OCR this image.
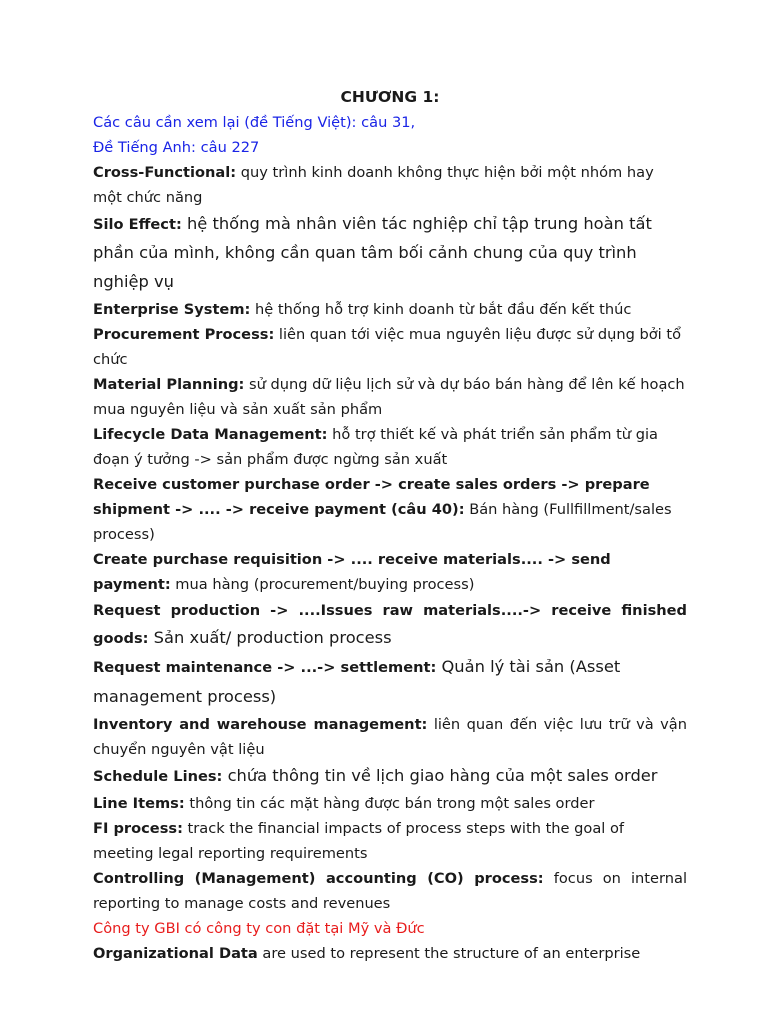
CHƯƠNG 1:

Các câu cần xem lại (đề Tiếng Việt): câu 31,

Đề Tiếng Anh: câu 227

Cross-Functional: quy trình kinh doanh không thực hiện bởi một nhóm hay một chức năng

Silo Effect: hệ thống mà nhân viên tác nghiệp chỉ tập trung hoàn tất phần của mình, không cần quan tâm bối cảnh chung của quy trình nghiệp vụ

Enterprise System: hệ thống hỗ trợ kinh doanh từ bắt đầu đến kết thúc

Procurement Process: liên quan tới việc mua nguyên liệu được sử dụng bởi tổ chức

Material Planning: sử dụng dữ liệu lịch sử và dự báo bán hàng để lên kế hoạch mua nguyên liệu và sản xuất sản phẩm

Lifecycle Data Management: hỗ trợ thiết kế và phát triển sản phẩm từ gia đoạn ý tưởng -> sản phẩm được ngừng sản xuất

Receive customer purchase order -> create sales orders -> prepare shipment -> .... -> receive payment (câu 40): Bán hàng (Fullfillment/sales process)

Create purchase requisition -> .... receive materials.... -> send payment: mua hàng (procurement/buying process)

Request production -> ....Issues raw materials....-> receive finished goods: Sản xuất/ production process

Request maintenance -> ...-> settlement: Quản lý tài sản (Asset management process)

Inventory and warehouse management: liên quan đến việc lưu trữ và vận chuyển nguyên vật liệu

Schedule Lines: chứa thông tin về lịch giao hàng của một sales order

Line Items: thông tin các mặt hàng được bán trong một sales order

FI process: track the financial impacts of process steps with the goal of meeting legal reporting requirements

Controlling (Management) accounting (CO) process: focus on internal reporting to manage costs and revenues

Công ty GBI có công ty con đặt tại Mỹ và Đức

Organizational Data are used to represent the structure of an enterprise
